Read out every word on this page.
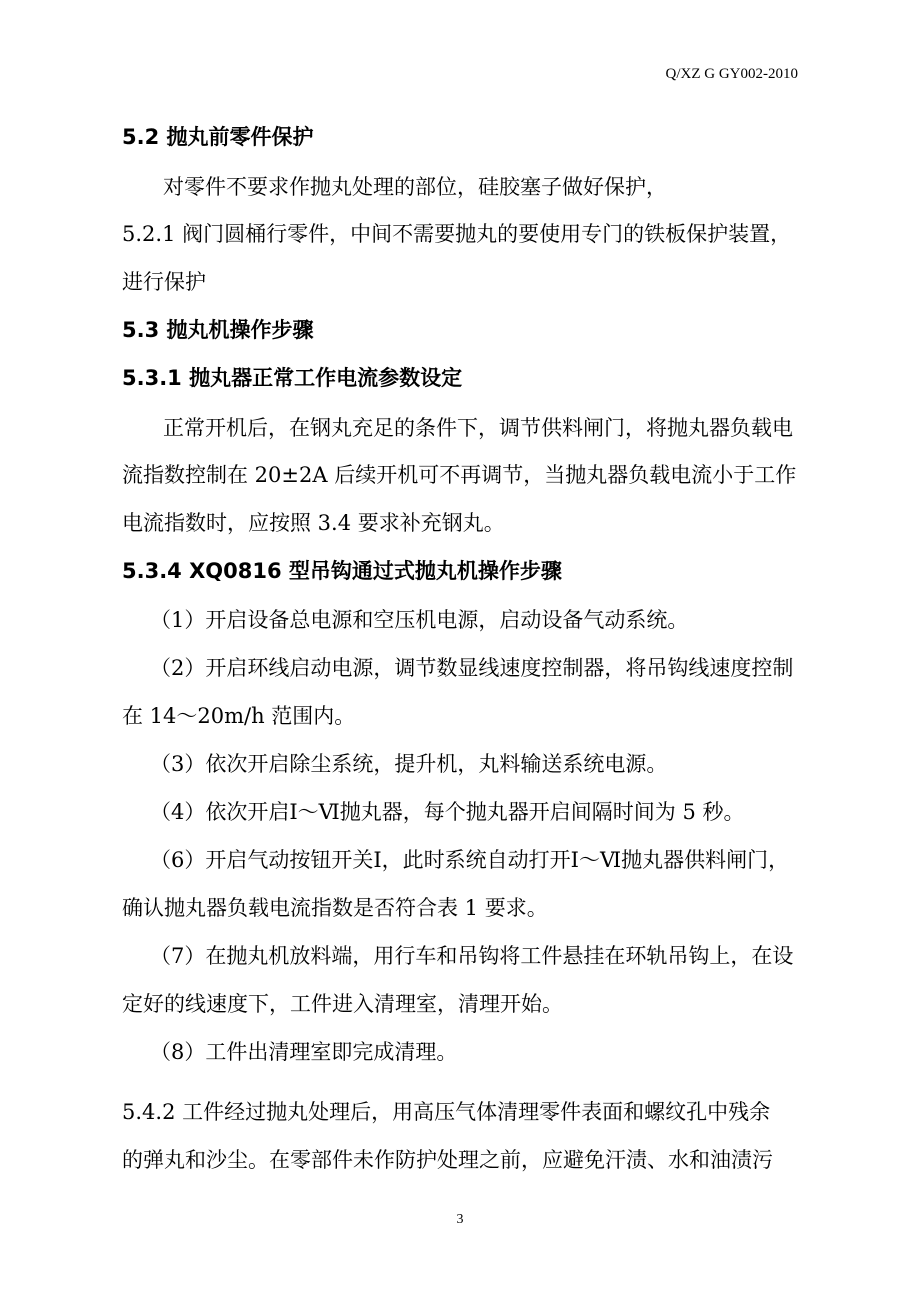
Q/XZ G GY002-2010
5.2 抛丸前零件保护
对零件不要求作抛丸处理的部位，硅胶塞子做好保护，
5.2.1 阀门圆桶行零件，中间不需要抛丸的要使用专门的铁板保护装置，
进行保护
5.3 抛丸机操作步骤
5.3.1 抛丸器正常工作电流参数设定
正常开机后，在钢丸充足的条件下，调节供料闸门，将抛丸器负载电
流指数控制在 20±2A 后续开机可不再调节，当抛丸器负载电流小于工作
电流指数时，应按照 3.4 要求补充钢丸。
5.3.4 XQ0816 型吊钩通过式抛丸机操作步骤
（1）开启设备总电源和空压机电源，启动设备气动系统。
（2）开启环线启动电源，调节数显线速度控制器，将吊钩线速度控制
在 14～20m/h 范围内。
（3）依次开启除尘系统，提升机，丸料输送系统电源。
（4）依次开启Ⅰ～Ⅵ抛丸器，每个抛丸器开启间隔时间为 5 秒。
（6）开启气动按钮开关Ⅰ，此时系统自动打开Ⅰ～Ⅵ抛丸器供料闸门，
确认抛丸器负载电流指数是否符合表 1 要求。
（7）在抛丸机放料端，用行车和吊钩将工件悬挂在环轨吊钩上，在设
定好的线速度下，工件进入清理室，清理开始。
（8）工件出清理室即完成清理。
5.4.2 工件经过抛丸处理后，用高压气体清理零件表面和螺纹孔中残余
的弹丸和沙尘。在零部件未作防护处理之前，应避免汗渍、水和油渍污
3
